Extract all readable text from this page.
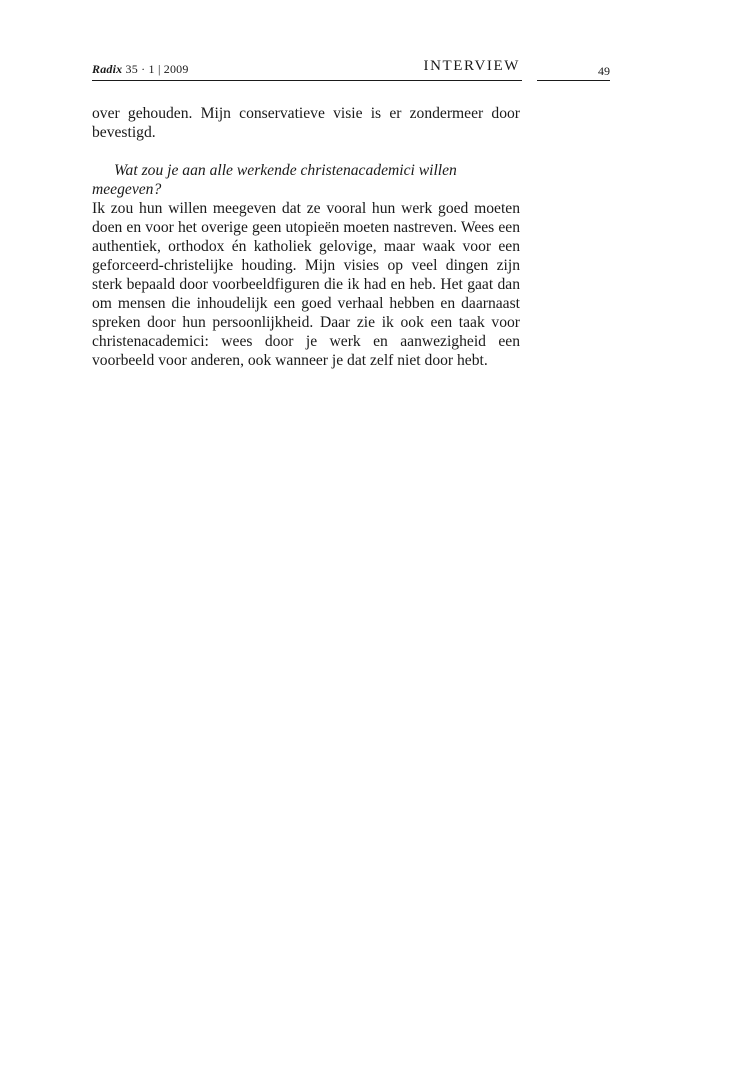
Radix 35 · 1 | 2009	INTERVIEW	49

over gehouden. Mijn conservatieve visie is er zondermeer door bevestigd.

Wat zou je aan alle werkende christenacademici willen meegeven?

Ik zou hun willen meegeven dat ze vooral hun werk goed moeten doen en voor het overige geen utopieën moeten nastreven. Wees een authentiek, orthodox én katholiek gelovige, maar waak voor een geforceerd-christelijke houding. Mijn visies op veel dingen zijn sterk bepaald door voorbeeldfiguren die ik had en heb. Het gaat dan om mensen die inhoudelijk een goed verhaal hebben en daarnaast spreken door hun persoonlijkheid. Daar zie ik ook een taak voor christenacademici: wees door je werk en aanwezigheid een voorbeeld voor anderen, ook wanneer je dat zelf niet door hebt.
